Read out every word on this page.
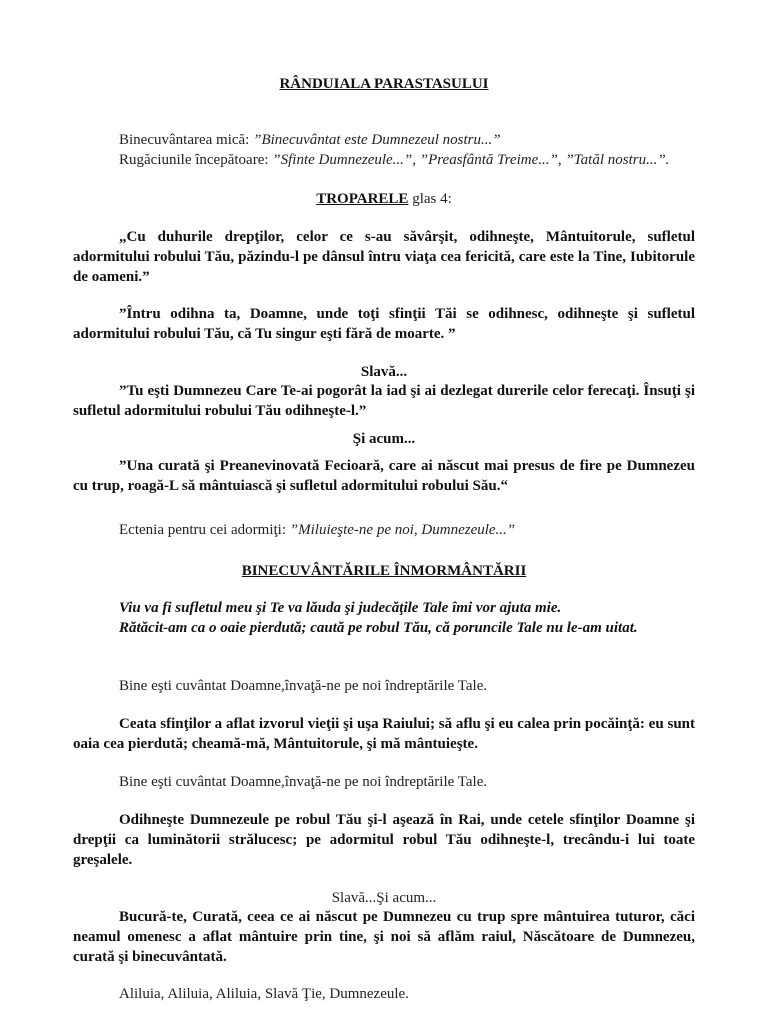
RÂNDUIALA PARASTASULUI
Binecuvântarea mică: ”Binecuvântat este Dumnezeul nostru...”
Rugăciunile începătoare: ”Sfinte Dumnezeule...”, ”Preasfântă Treime...”, ”Tatăl nostru...”.
TROPARELE glas 4:
„Cu duhurile drepţilor, celor ce s-au săvârşit, odihneşte, Mântuitorule, sufletul adormitului robului Tău, păzindu-l pe dânsul întru viaţa cea fericită, care este la Tine, Iubitorule de oameni.”
”Întru odihna ta, Doamne, unde toţi sfinţii Tăi se odihnesc, odihneşte şi sufletul adormitului robului Tău, că Tu singur eşti fără de moarte. ”
Slavă...
”Tu eşti Dumnezeu Care Te-ai pogorât la iad şi ai dezlegat durerile celor ferecaţi. Însuţi şi sufletul adormitului robului Tău odihneşte-l.”
Şi acum...
”Una curată şi Preanevinovată Fecioară, care ai născut mai presus de fire pe Dumnezeu cu trup, roagă-L să mântuiască şi sufletul adormitului robului Său.“
Ectenia pentru cei adormiţi: ”Miluieşte-ne pe noi, Dumnezeule...”
BINECUVÂNTĂRILE ÎNMORMÂNTĂRII
Viu va fi sufletul meu şi Te va lăuda şi judecăţile Tale îmi vor ajuta mie.
Rătăcit-am ca o oaie pierdută; caută pe robul Tău, că poruncile Tale nu le-am uitat.
Bine eşti cuvântat Doamne,învaţă-ne pe noi îndreptările Tale.
Ceata sfinţilor a aflat izvorul vieţii şi uşa Raiului; să aflu şi eu calea prin pocăinţă: eu sunt oaia cea pierdută; cheamă-mă, Mântuitorule, şi mă mântuieşte.
Bine eşti cuvântat Doamne,învaţă-ne pe noi îndreptările Tale.
Odihneşte Dumnezeule pe robul Tău şi-l aşează în Rai, unde cetele sfinţilor Doamne şi drepţii ca luminătorii strălucesc; pe adormitul robul Tău odihneşte-l, trecându-i lui toate greşalele.
Slavă...Şi acum...
Bucură-te, Curată, ceea ce ai născut pe Dumnezeu cu trup spre mântuirea tuturor, căci neamul omenesc a aflat mântuire prin tine, şi noi să aflăm raiul, Născătoare de Dumnezeu, curată şi binecuvântată.
Aliluia, Aliluia, Aliluia, Slavă Ţie, Dumnezeule.
